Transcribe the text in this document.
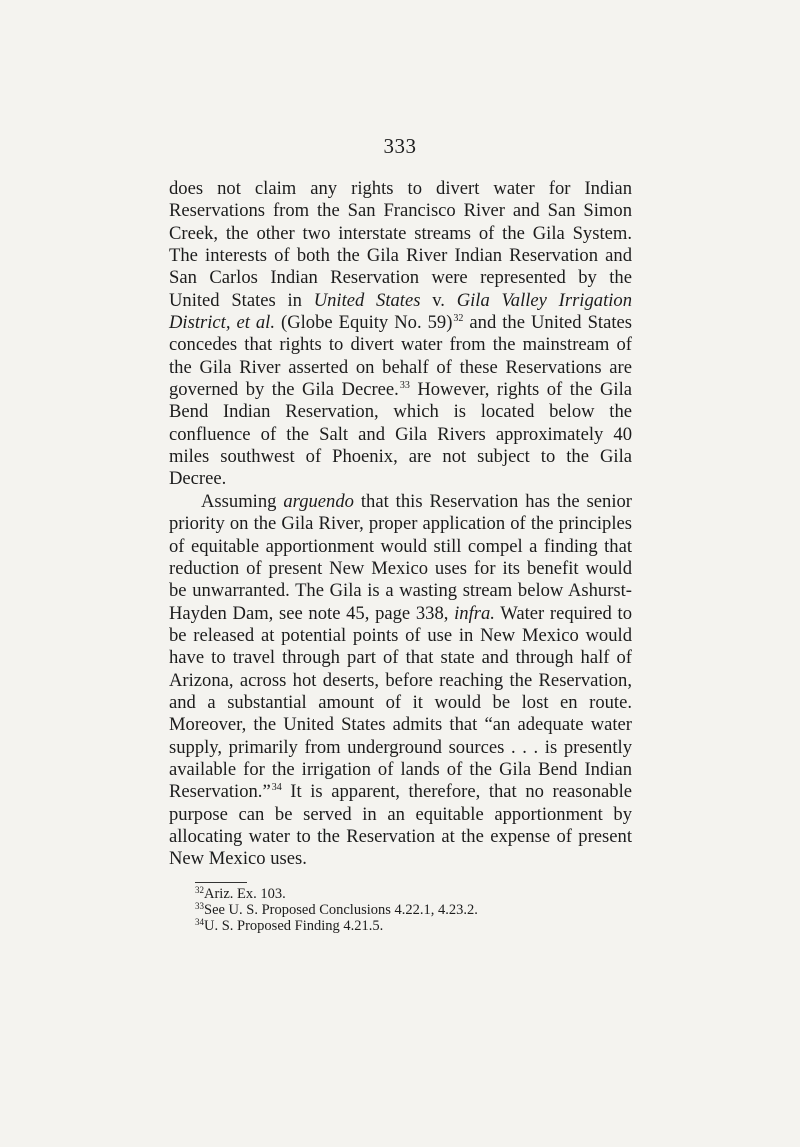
333

does not claim any rights to divert water for Indian Reservations from the San Francisco River and San Simon Creek, the other two interstate streams of the Gila System. The interests of both the Gila River Indian Reservation and San Carlos Indian Reservation were represented by the United States in United States v. Gila Valley Irrigation District, et al. (Globe Equity No. 59)$^{32}$ and the United States concedes that rights to divert water from the mainstream of the Gila River asserted on behalf of these Reservations are governed by the Gila Decree.$^{33}$ However, rights of the Gila Bend Indian Reservation, which is located below the confluence of the Salt and Gila Rivers approximately 40 miles southwest of Phoenix, are not subject to the Gila Decree.

Assuming arguendo that this Reservation has the senior priority on the Gila River, proper application of the principles of equitable apportionment would still compel a finding that reduction of present New Mexico uses for its benefit would be unwarranted. The Gila is a wasting stream below Ashurst-Hayden Dam, see note 45, page 338, infra. Water required to be released at potential points of use in New Mexico would have to travel through part of that state and through half of Arizona, across hot deserts, before reaching the Reservation, and a substantial amount of it would be lost en route. Moreover, the United States admits that “an adequate water supply, primarily from underground sources . . . is presently available for the irrigation of lands of the Gila Bend Indian Reservation.”$^{34}$ It is apparent, therefore, that no reasonable purpose can be served in an equitable apportionment by allocating water to the Reservation at the expense of present New Mexico uses.

$^{32}$Ariz. Ex. 103.
$^{33}$See U. S. Proposed Conclusions 4.22.1, 4.23.2.
$^{34}$U. S. Proposed Finding 4.21.5.
